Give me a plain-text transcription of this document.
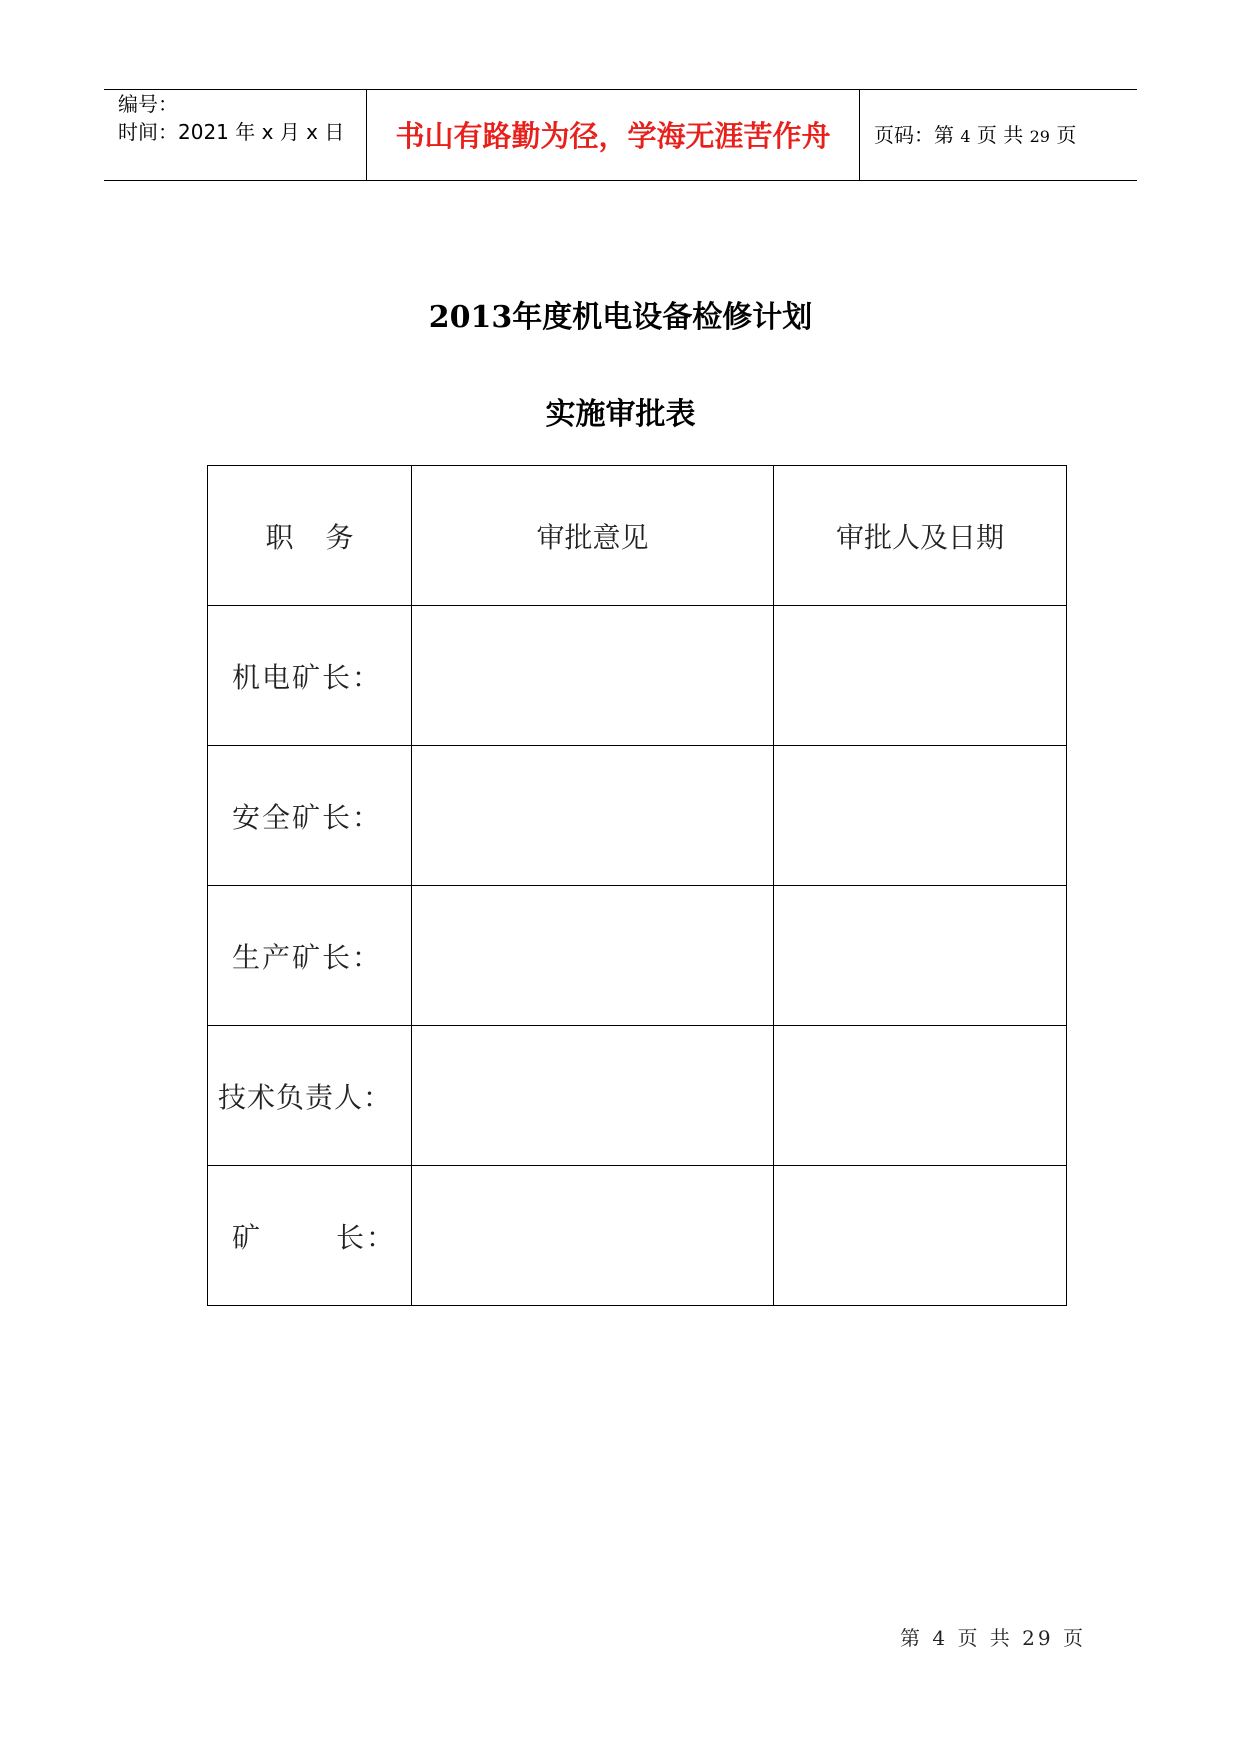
编号：
时间：2021 年 x 月 x 日	书山有路勤为径，学海无涯苦作舟	页码：第 4 页 共 29 页
2013年度机电设备检修计划
实施审批表
职 务	审批意见	审批人及日期
机电矿长：		
安全矿长：		
生产矿长：		
技术负责人：		
矿 长：		
第 4 页 共 29 页
